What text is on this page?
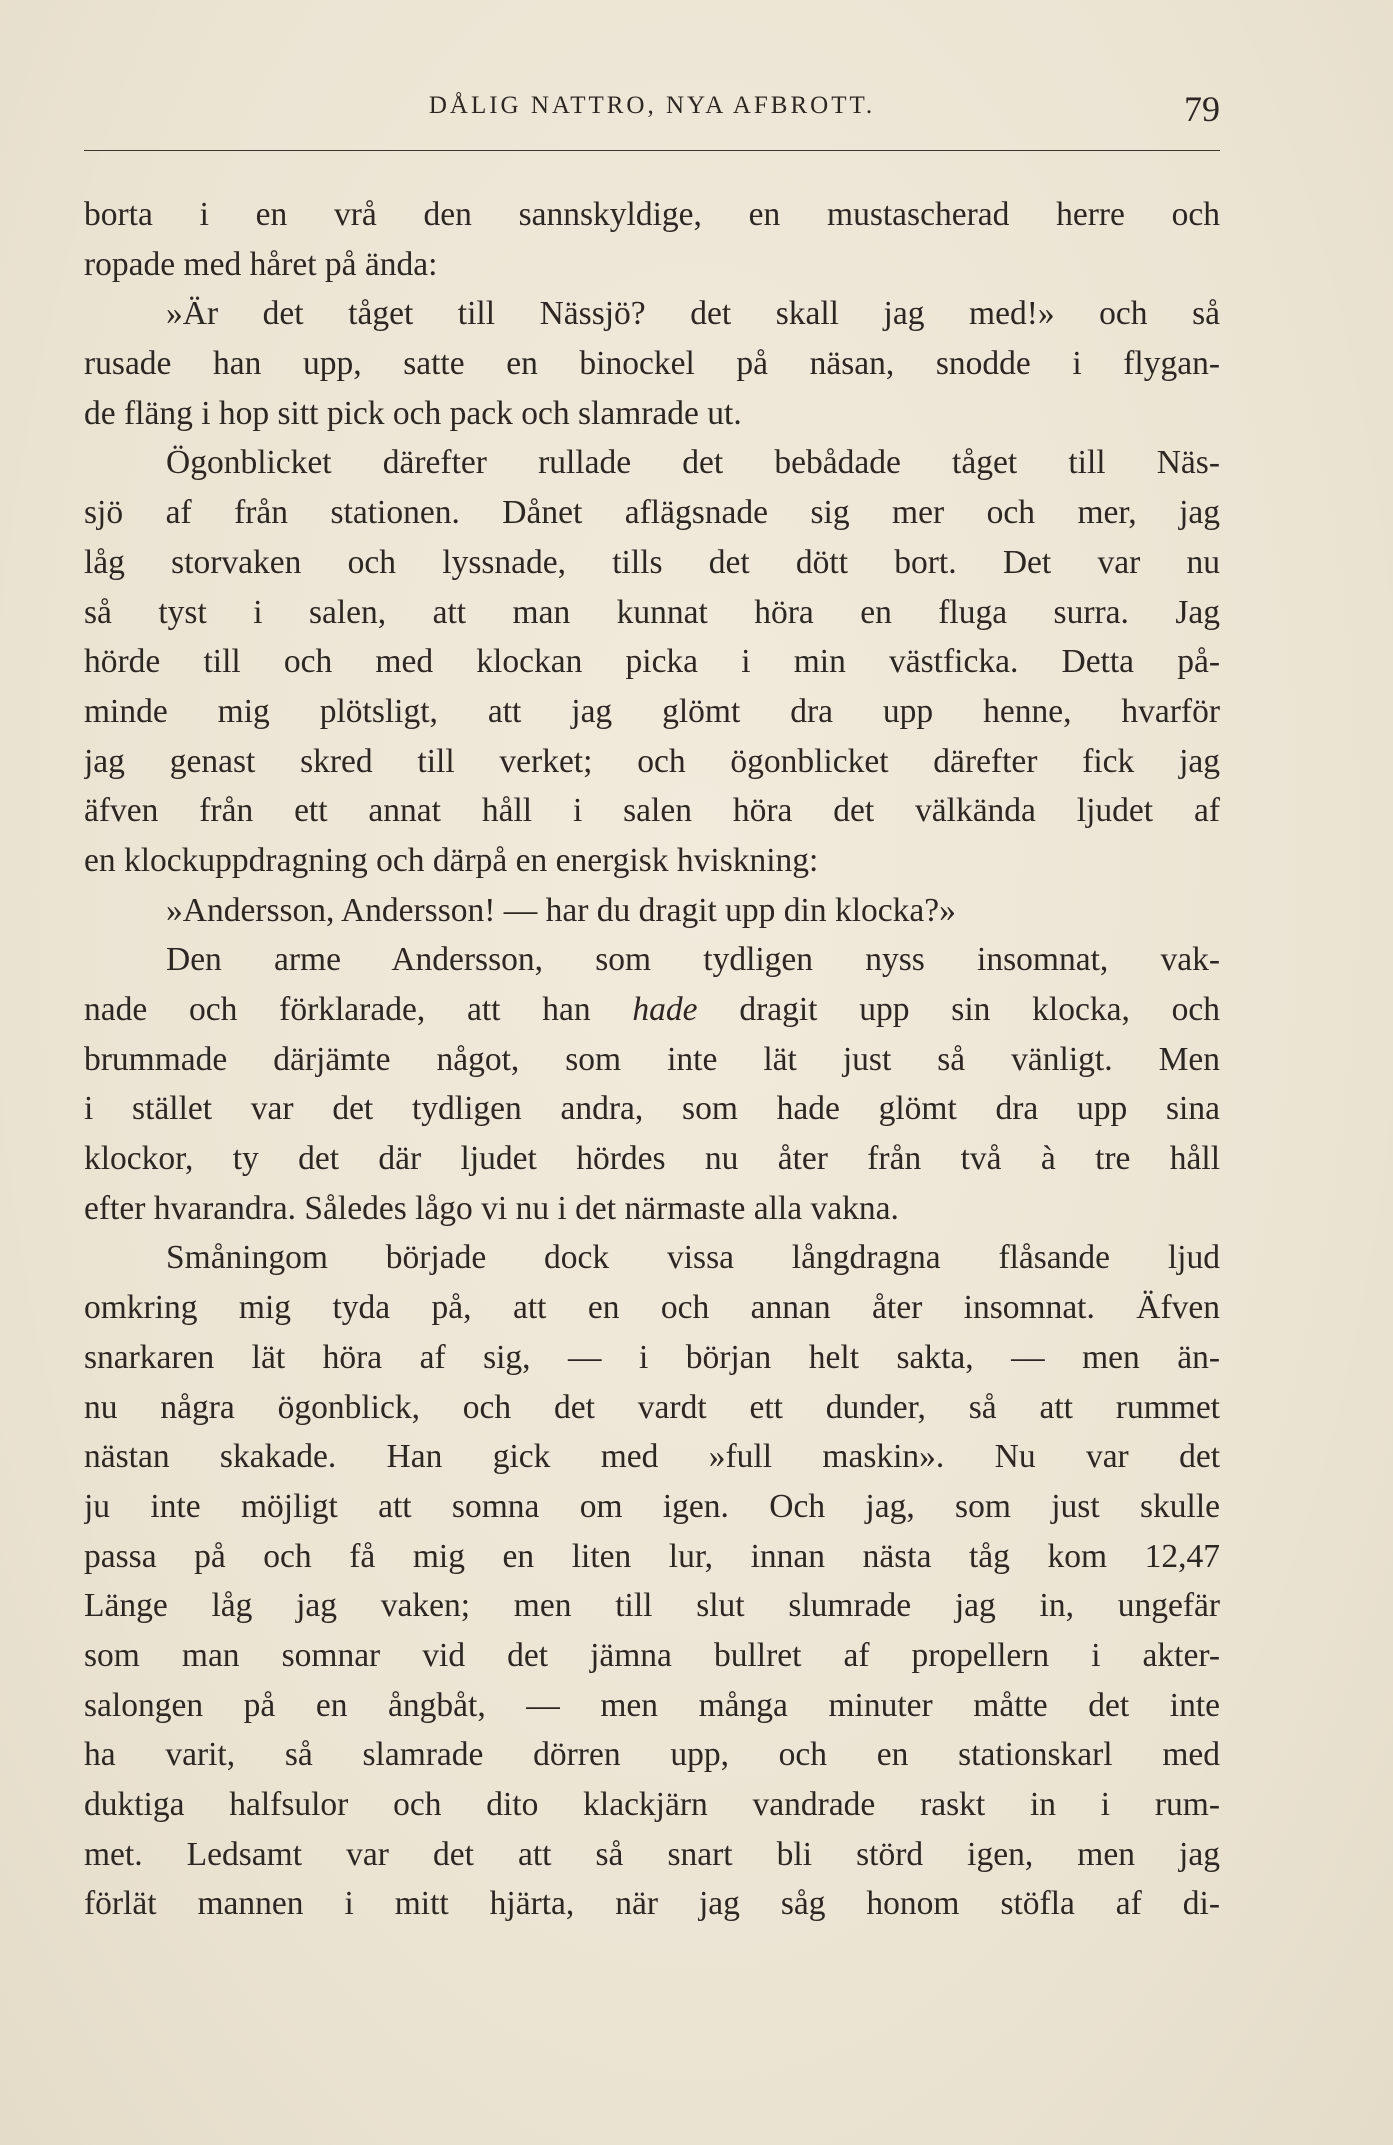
DÅLIG NATTRO, NYA AFBROTT.	79
borta i en vrå den sannskyldige, en mustascherad herre och
ropade med håret på ända:
»Är det tåget till Nässjö? det skall jag med!» och så
rusade han upp, satte en binockel på näsan, snodde i flygan-
de fläng i hop sitt pick och pack och slamrade ut.
Ögonblicket därefter rullade det bebådade tåget till Näs-
sjö af från stationen. Dånet aflägsnade sig mer och mer, jag
låg storvaken och lyssnade, tills det dött bort. Det var nu
så tyst i salen, att man kunnat höra en fluga surra. Jag
hörde till och med klockan picka i min västficka. Detta på-
minde mig plötsligt, att jag glömt dra upp henne, hvarför
jag genast skred till verket; och ögonblicket därefter fick jag
äfven från ett annat håll i salen höra det välkända ljudet af
en klockuppdragning och därpå en energisk hviskning:
»Andersson, Andersson! — har du dragit upp din klocka?»
Den arme Andersson, som tydligen nyss insomnat, vak-
nade och förklarade, att han hade dragit upp sin klocka, och
brummade därjämte något, som inte lät just så vänligt. Men
i stället var det tydligen andra, som hade glömt dra upp sina
klockor, ty det där ljudet hördes nu åter från två à tre håll
efter hvarandra. Således lågo vi nu i det närmaste alla vakna.
Småningom började dock vissa långdragna flåsande ljud
omkring mig tyda på, att en och annan åter insomnat. Äfven
snarkaren lät höra af sig, — i början helt sakta, — men än-
nu några ögonblick, och det vardt ett dunder, så att rummet
nästan skakade. Han gick med »full maskin». Nu var det
ju inte möjligt att somna om igen. Och jag, som just skulle
passa på och få mig en liten lur, innan nästa tåg kom 12,47
Länge låg jag vaken; men till slut slumrade jag in, ungefär
som man somnar vid det jämna bullret af propellern i akter-
salongen på en ångbåt, — men många minuter måtte det inte
ha varit, så slamrade dörren upp, och en stationskarl med
duktiga halfsulor och dito klackjärn vandrade raskt in i rum-
met. Ledsamt var det att så snart bli störd igen, men jag
förlät mannen i mitt hjärta, när jag såg honom stöfla af di-
